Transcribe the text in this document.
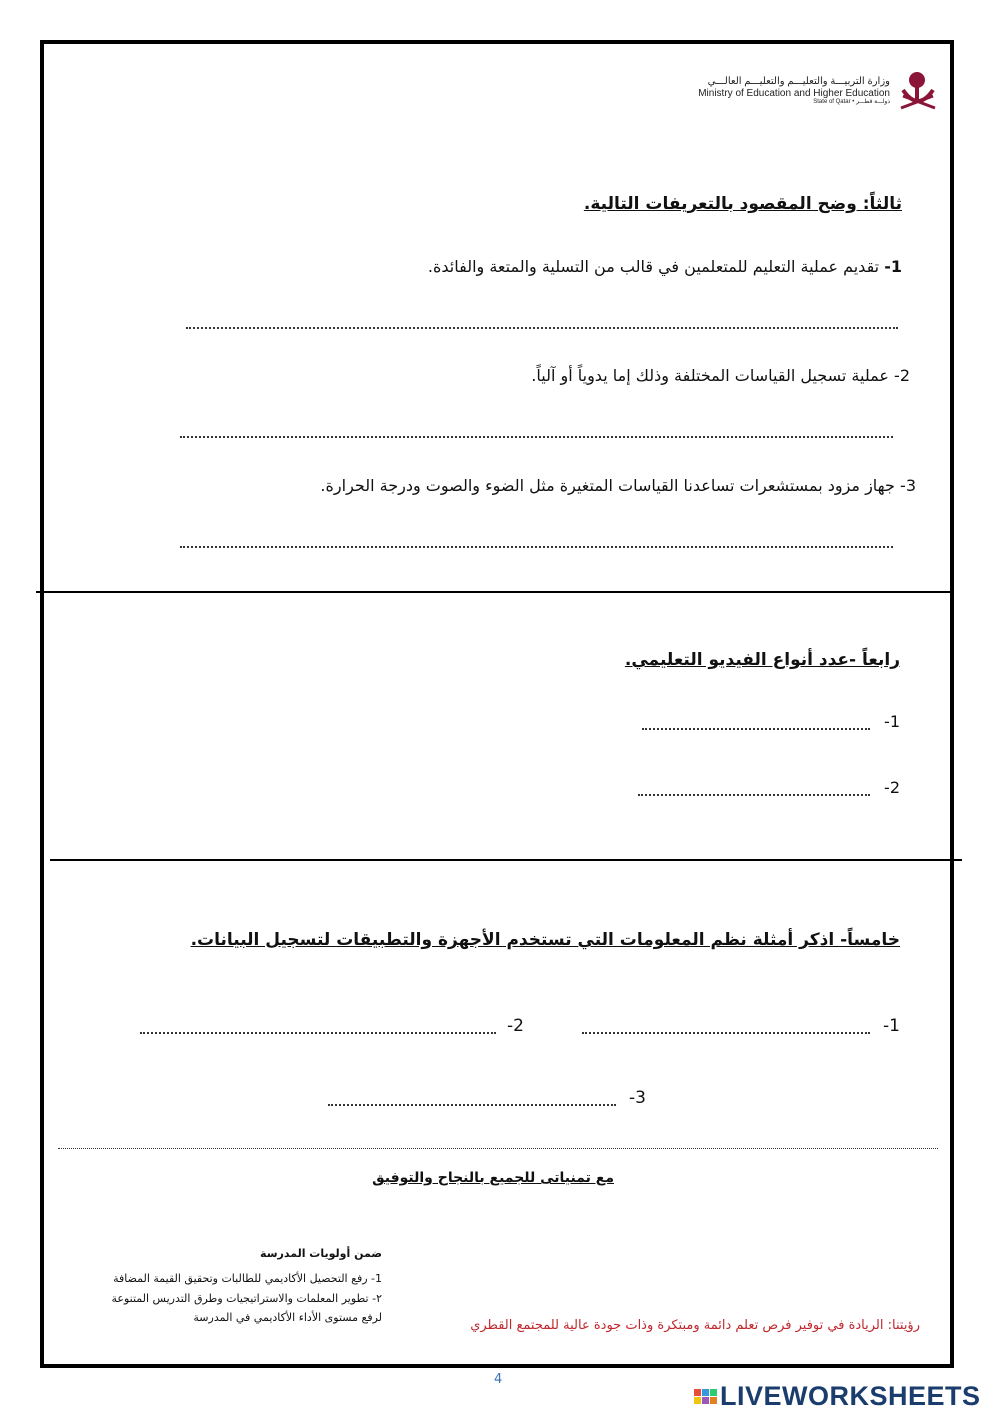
وزارة التربيـــة والتعليـــم والتعليـــم العالـــي
Ministry of Education and Higher Education
State of Qatar • دولـــة قطـــر
ثالثاً: وضح المقصود بالتعريفات التالية.
1- تقديم عملية التعليم للمتعلمين في قالب من التسلية والمتعة والفائدة.
2- عملية تسجيل القياسات المختلفة وذلك إما يدوياً أو آلياً.
3- جهاز مزود بمستشعرات تساعدنا القياسات المتغيرة مثل الضوء والصوت ودرجة الحرارة.
رابعاً -عدد أنواع الفيديو التعليمي.
-1
-2
خامساً- اذكر أمثلة نظم المعلومات التي تستخدم الأجهزة والتطبيقات لتسجيل البيانات.
-1
-2
-3
مع تمنياتى للجميع بالنجاح والتوفيق
ضمن أولويات المدرسة
1- رفع التحصيل الأكاديمي للطالبات وتحقيق القيمة المضافة
٢- تطوير المعلمات والاستراتيجيات وطرق التدريس المتنوعة
لرفع مستوى الأداء الأكاديمي في المدرسة
رؤيتنا: الريادة في توفير فرص تعلم دائمة ومبتكرة وذات جودة عالية للمجتمع القطري
4
LIVEWORKSHEETS
